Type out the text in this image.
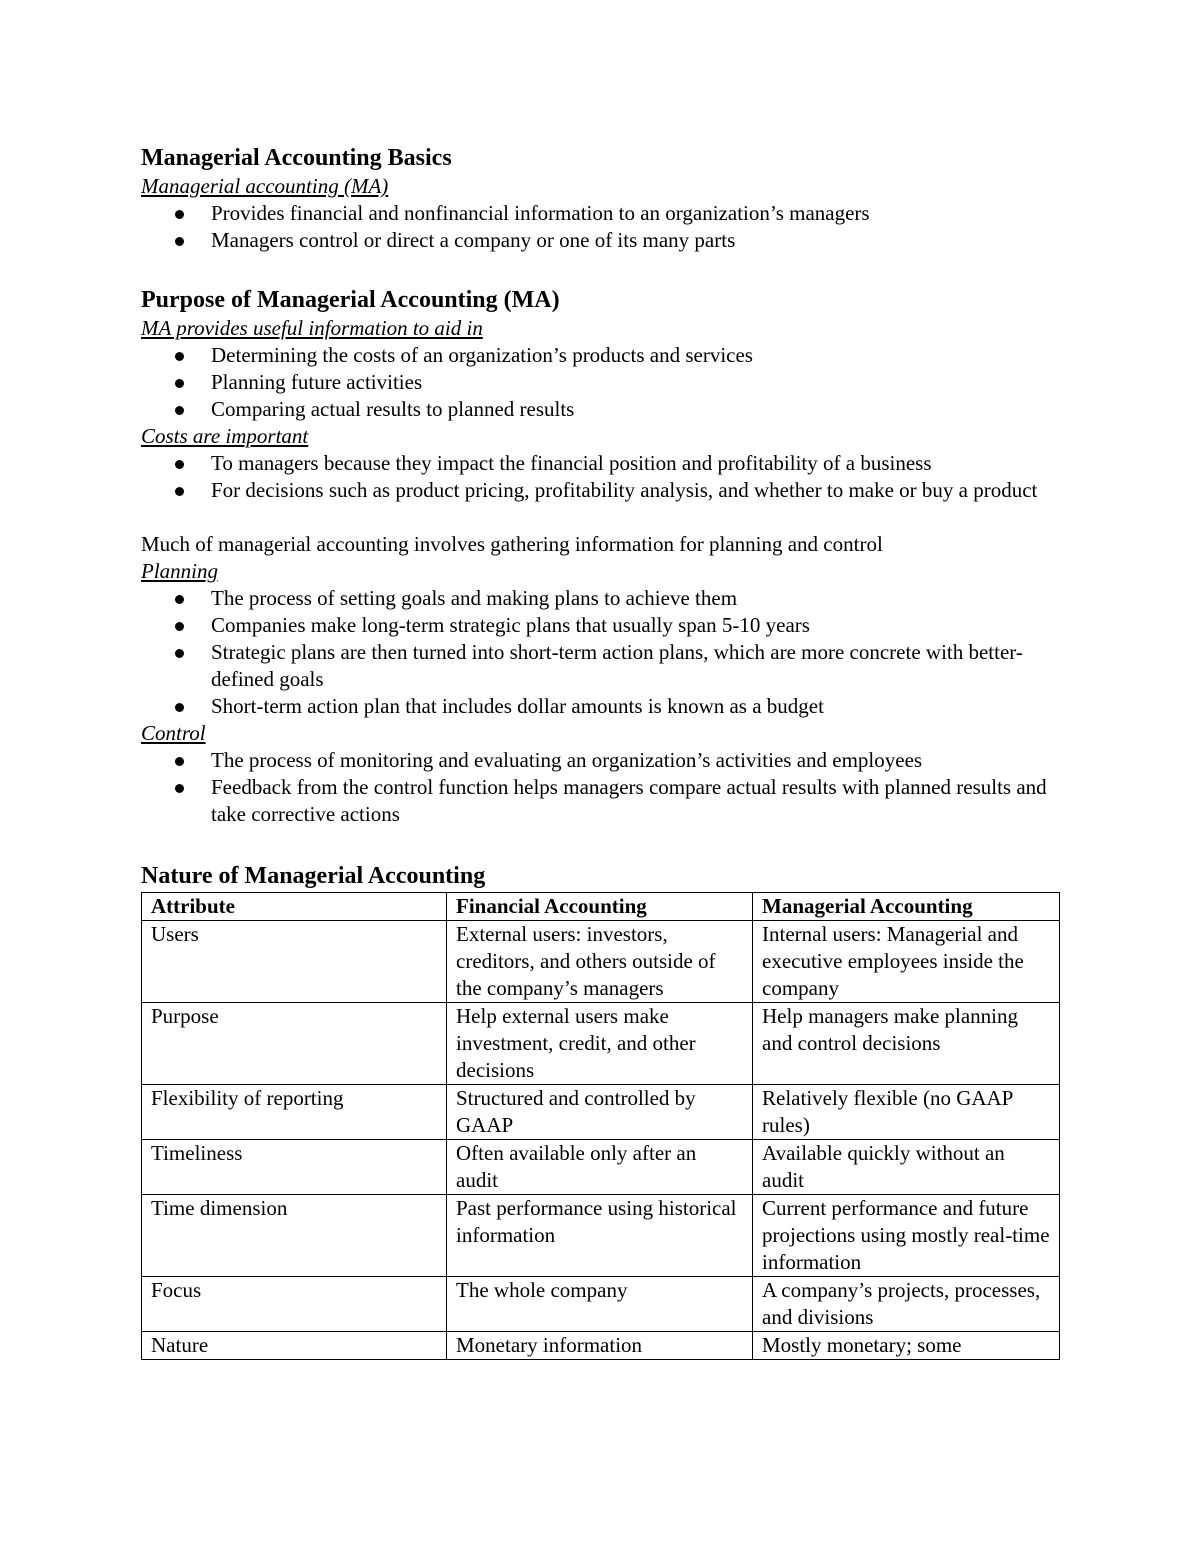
Managerial Accounting Basics
Managerial accounting (MA)
Provides financial and nonfinancial information to an organization’s managers
Managers control or direct a company or one of its many parts
Purpose of Managerial Accounting (MA)
MA provides useful information to aid in
Determining the costs of an organization’s products and services
Planning future activities
Comparing actual results to planned results
Costs are important
To managers because they impact the financial position and profitability of a business
For decisions such as product pricing, profitability analysis, and whether to make or buy a product

Much of managerial accounting involves gathering information for planning and control

Planning
The process of setting goals and making plans to achieve them
Companies make long-term strategic plans that usually span 5-10 years
Strategic plans are then turned into short-term action plans, which are more concrete with better-defined goals
Short-term action plan that includes dollar amounts is known as a budget
Control
The process of monitoring and evaluating an organization’s activities and employees
Feedback from the control function helps managers compare actual results with planned results and take corrective actions
Nature of Managerial Accounting
Attribute	Financial Accounting	Managerial Accounting
Users	External users: investors, creditors, and others outside of the company’s managers	Internal users: Managerial and executive employees inside the company
Purpose	Help external users make investment, credit, and other decisions	Help managers make planning and control decisions
Flexibility of reporting	Structured and controlled by GAAP	Relatively flexible (no GAAP rules)
Timeliness	Often available only after an audit	Available quickly without an audit
Time dimension	Past performance using historical information	Current performance and future projections using mostly real-time information
Focus	The whole company	A company’s projects, processes, and divisions
Nature	Monetary information	Mostly monetary; some
